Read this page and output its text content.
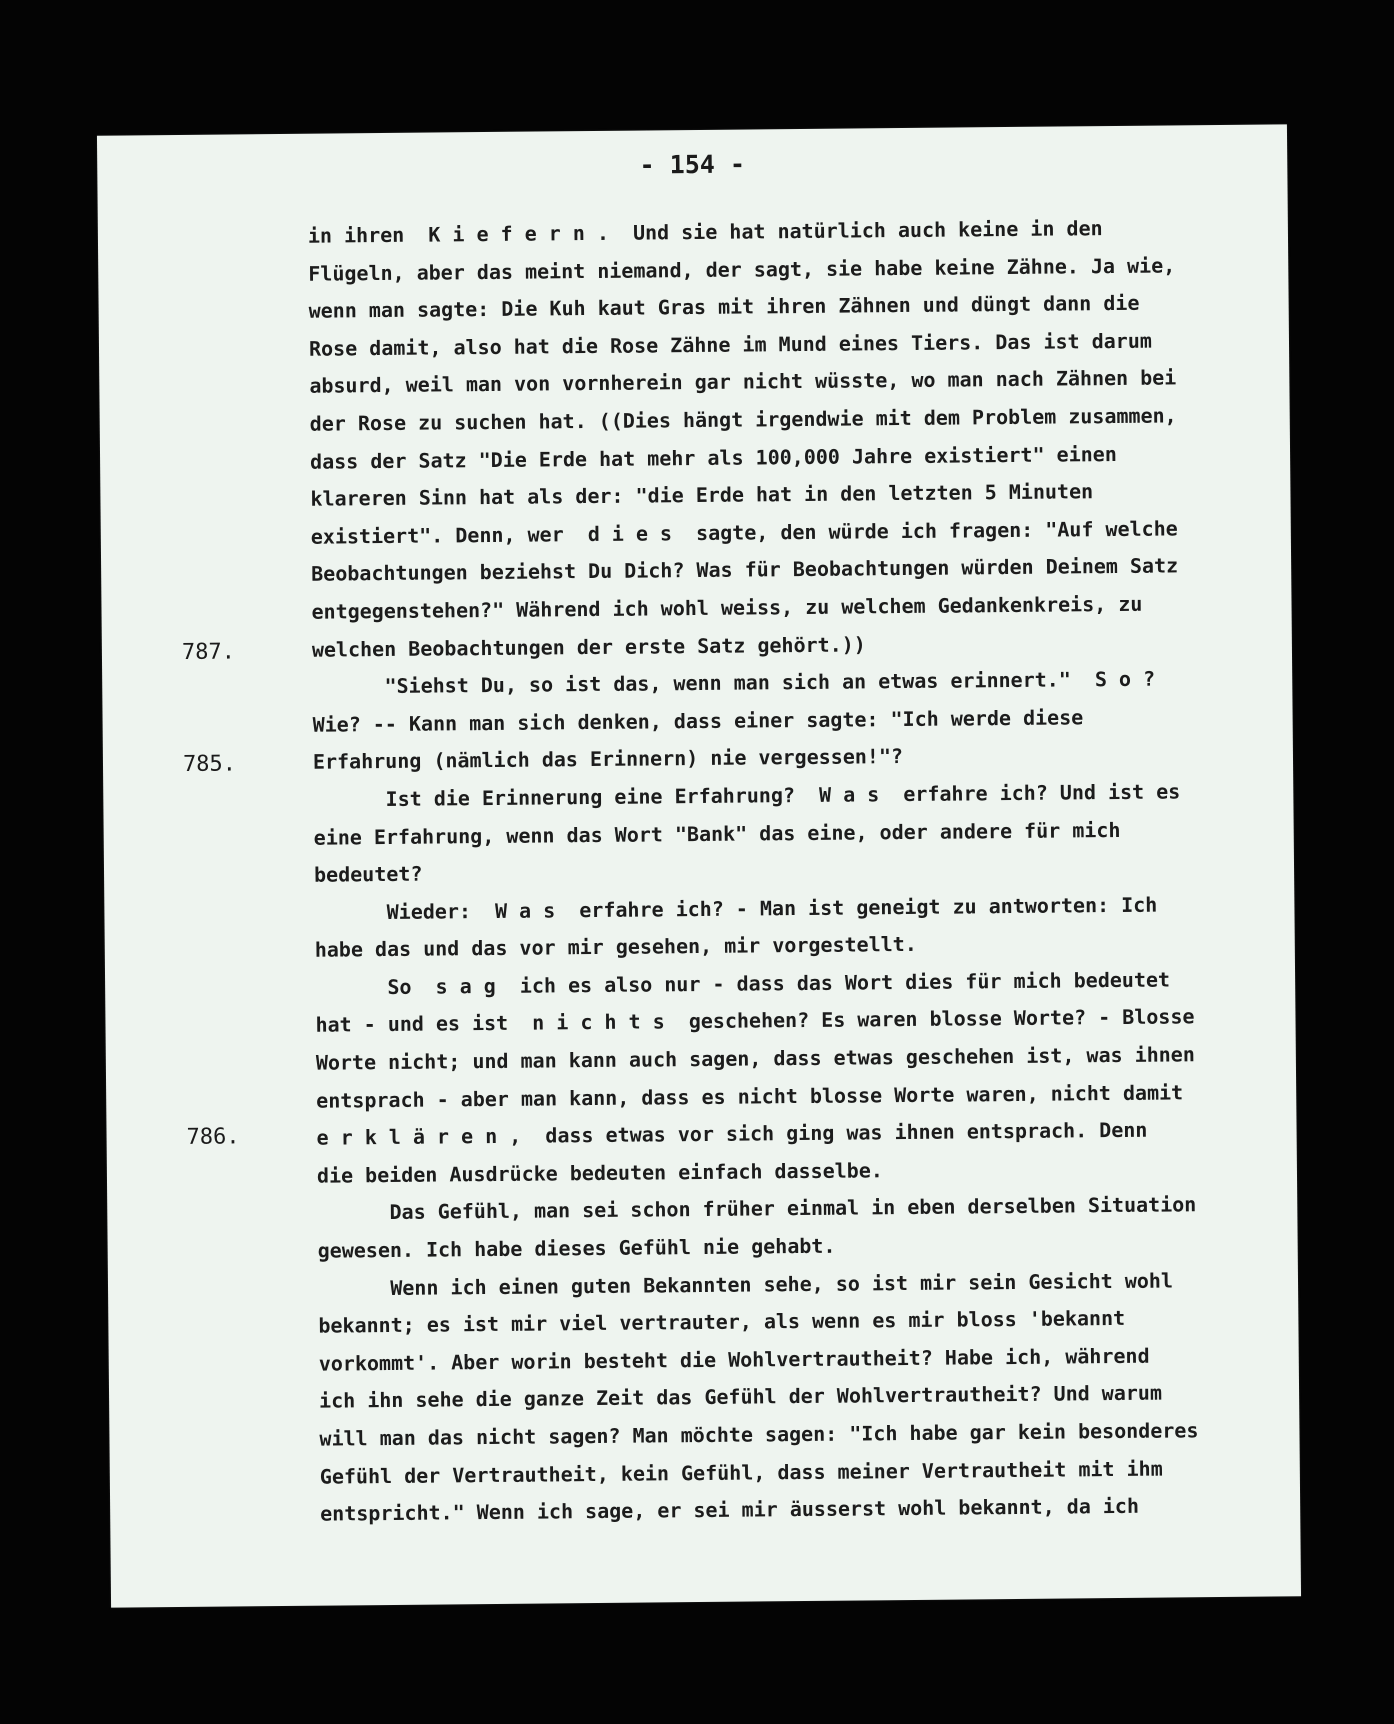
- 154 -
787.
785.
786.
in ihren  K i e f e r n .  Und sie hat natürlich auch keine in den
Flügeln, aber das meint niemand, der sagt, sie habe keine Zähne. Ja wie,
wenn man sagte: Die Kuh kaut Gras mit ihren Zähnen und düngt dann die
Rose damit, also hat die Rose Zähne im Mund eines Tiers. Das ist darum
absurd, weil man von vornherein gar nicht wüsste, wo man nach Zähnen bei
der Rose zu suchen hat. ((Dies hängt irgendwie mit dem Problem zusammen,
dass der Satz "Die Erde hat mehr als 100,000 Jahre existiert" einen
klareren Sinn hat als der: "die Erde hat in den letzten 5 Minuten
existiert". Denn, wer  d i e s  sagte, den würde ich fragen: "Auf welche
Beobachtungen beziehst Du Dich? Was für Beobachtungen würden Deinem Satz
entgegenstehen?" Während ich wohl weiss, zu welchem Gedankenkreis, zu
welchen Beobachtungen der erste Satz gehört.))
"Siehst Du, so ist das, wenn man sich an etwas erinnert."  S o ?
Wie? -- Kann man sich denken, dass einer sagte: "Ich werde diese
Erfahrung (nämlich das Erinnern) nie vergessen!"?
Ist die Erinnerung eine Erfahrung?  W a s  erfahre ich? Und ist es
eine Erfahrung, wenn das Wort "Bank" das eine, oder andere für mich
bedeutet?
Wieder:  W a s  erfahre ich? - Man ist geneigt zu antworten: Ich
habe das und das vor mir gesehen, mir vorgestellt.
So  s a g  ich es also nur - dass das Wort dies für mich bedeutet
hat - und es ist  n i c h t s  geschehen? Es waren blosse Worte? - Blosse
Worte nicht; und man kann auch sagen, dass etwas geschehen ist, was ihnen
entsprach - aber man kann, dass es nicht blosse Worte waren, nicht damit
e r k l ä r e n ,  dass etwas vor sich ging was ihnen entsprach. Denn
die beiden Ausdrücke bedeuten einfach dasselbe.
Das Gefühl, man sei schon früher einmal in eben derselben Situation
gewesen. Ich habe dieses Gefühl nie gehabt.
Wenn ich einen guten Bekannten sehe, so ist mir sein Gesicht wohl
bekannt; es ist mir viel vertrauter, als wenn es mir bloss 'bekannt
vorkommt'. Aber worin besteht die Wohlvertrautheit? Habe ich, während
ich ihn sehe die ganze Zeit das Gefühl der Wohlvertrautheit? Und warum
will man das nicht sagen? Man möchte sagen: "Ich habe gar kein besonderes
Gefühl der Vertrautheit, kein Gefühl, dass meiner Vertrautheit mit ihm
entspricht." Wenn ich sage, er sei mir äusserst wohl bekannt, da ich
